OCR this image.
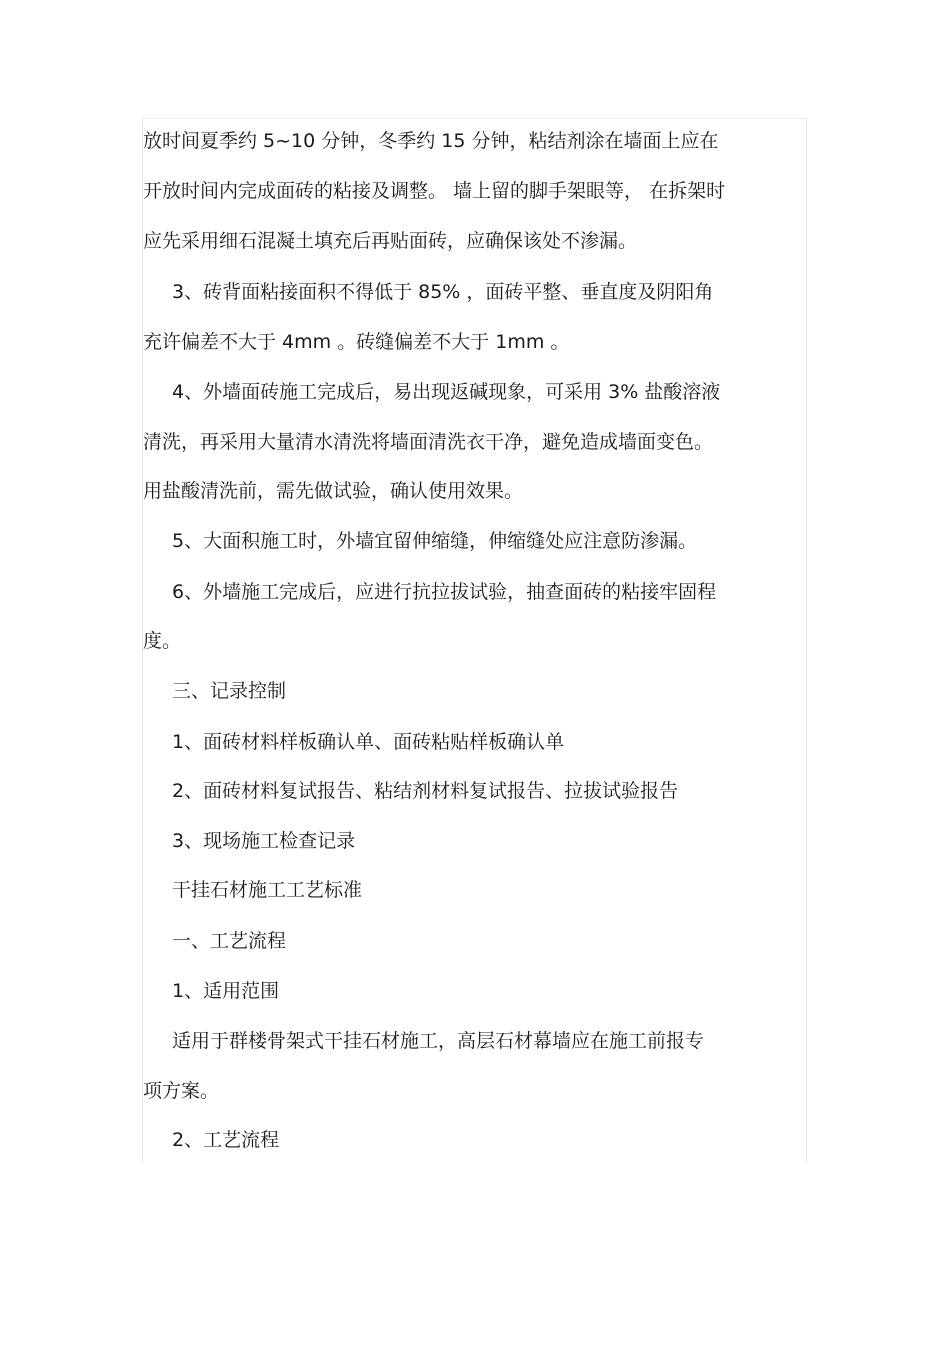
放时间夏季约 5~10 分钟，冬季约 15 分钟，粘结剂涂在墙面上应在
开放时间内完成面砖的粘接及调整。 墙上留的脚手架眼等， 在拆架时
应先采用细石混凝土填充后再贴面砖，应确保该处不渗漏。
3、砖背面粘接面积不得低于 85% ，面砖平整、垂直度及阴阳角
充许偏差不大于 4mm 。砖缝偏差不大于 1mm 。
4、外墙面砖施工完成后，易出现返碱现象，可采用 3% 盐酸溶液
清洗，再采用大量清水清洗将墙面清洗衣干净，避免造成墙面变色。
用盐酸清洗前，需先做试验，确认使用效果。
5、大面积施工时，外墙宜留伸缩缝，伸缩缝处应注意防渗漏。
6、外墙施工完成后，应进行抗拉拔试验，抽查面砖的粘接牢固程
度。
三、记录控制
1、面砖材料样板确认单、面砖粘贴样板确认单
2、面砖材料复试报告、粘结剂材料复试报告、拉拔试验报告
3、现场施工检查记录
干挂石材施工工艺标准
一、工艺流程
1、适用范围
适用于群楼骨架式干挂石材施工，高层石材幕墙应在施工前报专
项方案。
2、工艺流程
